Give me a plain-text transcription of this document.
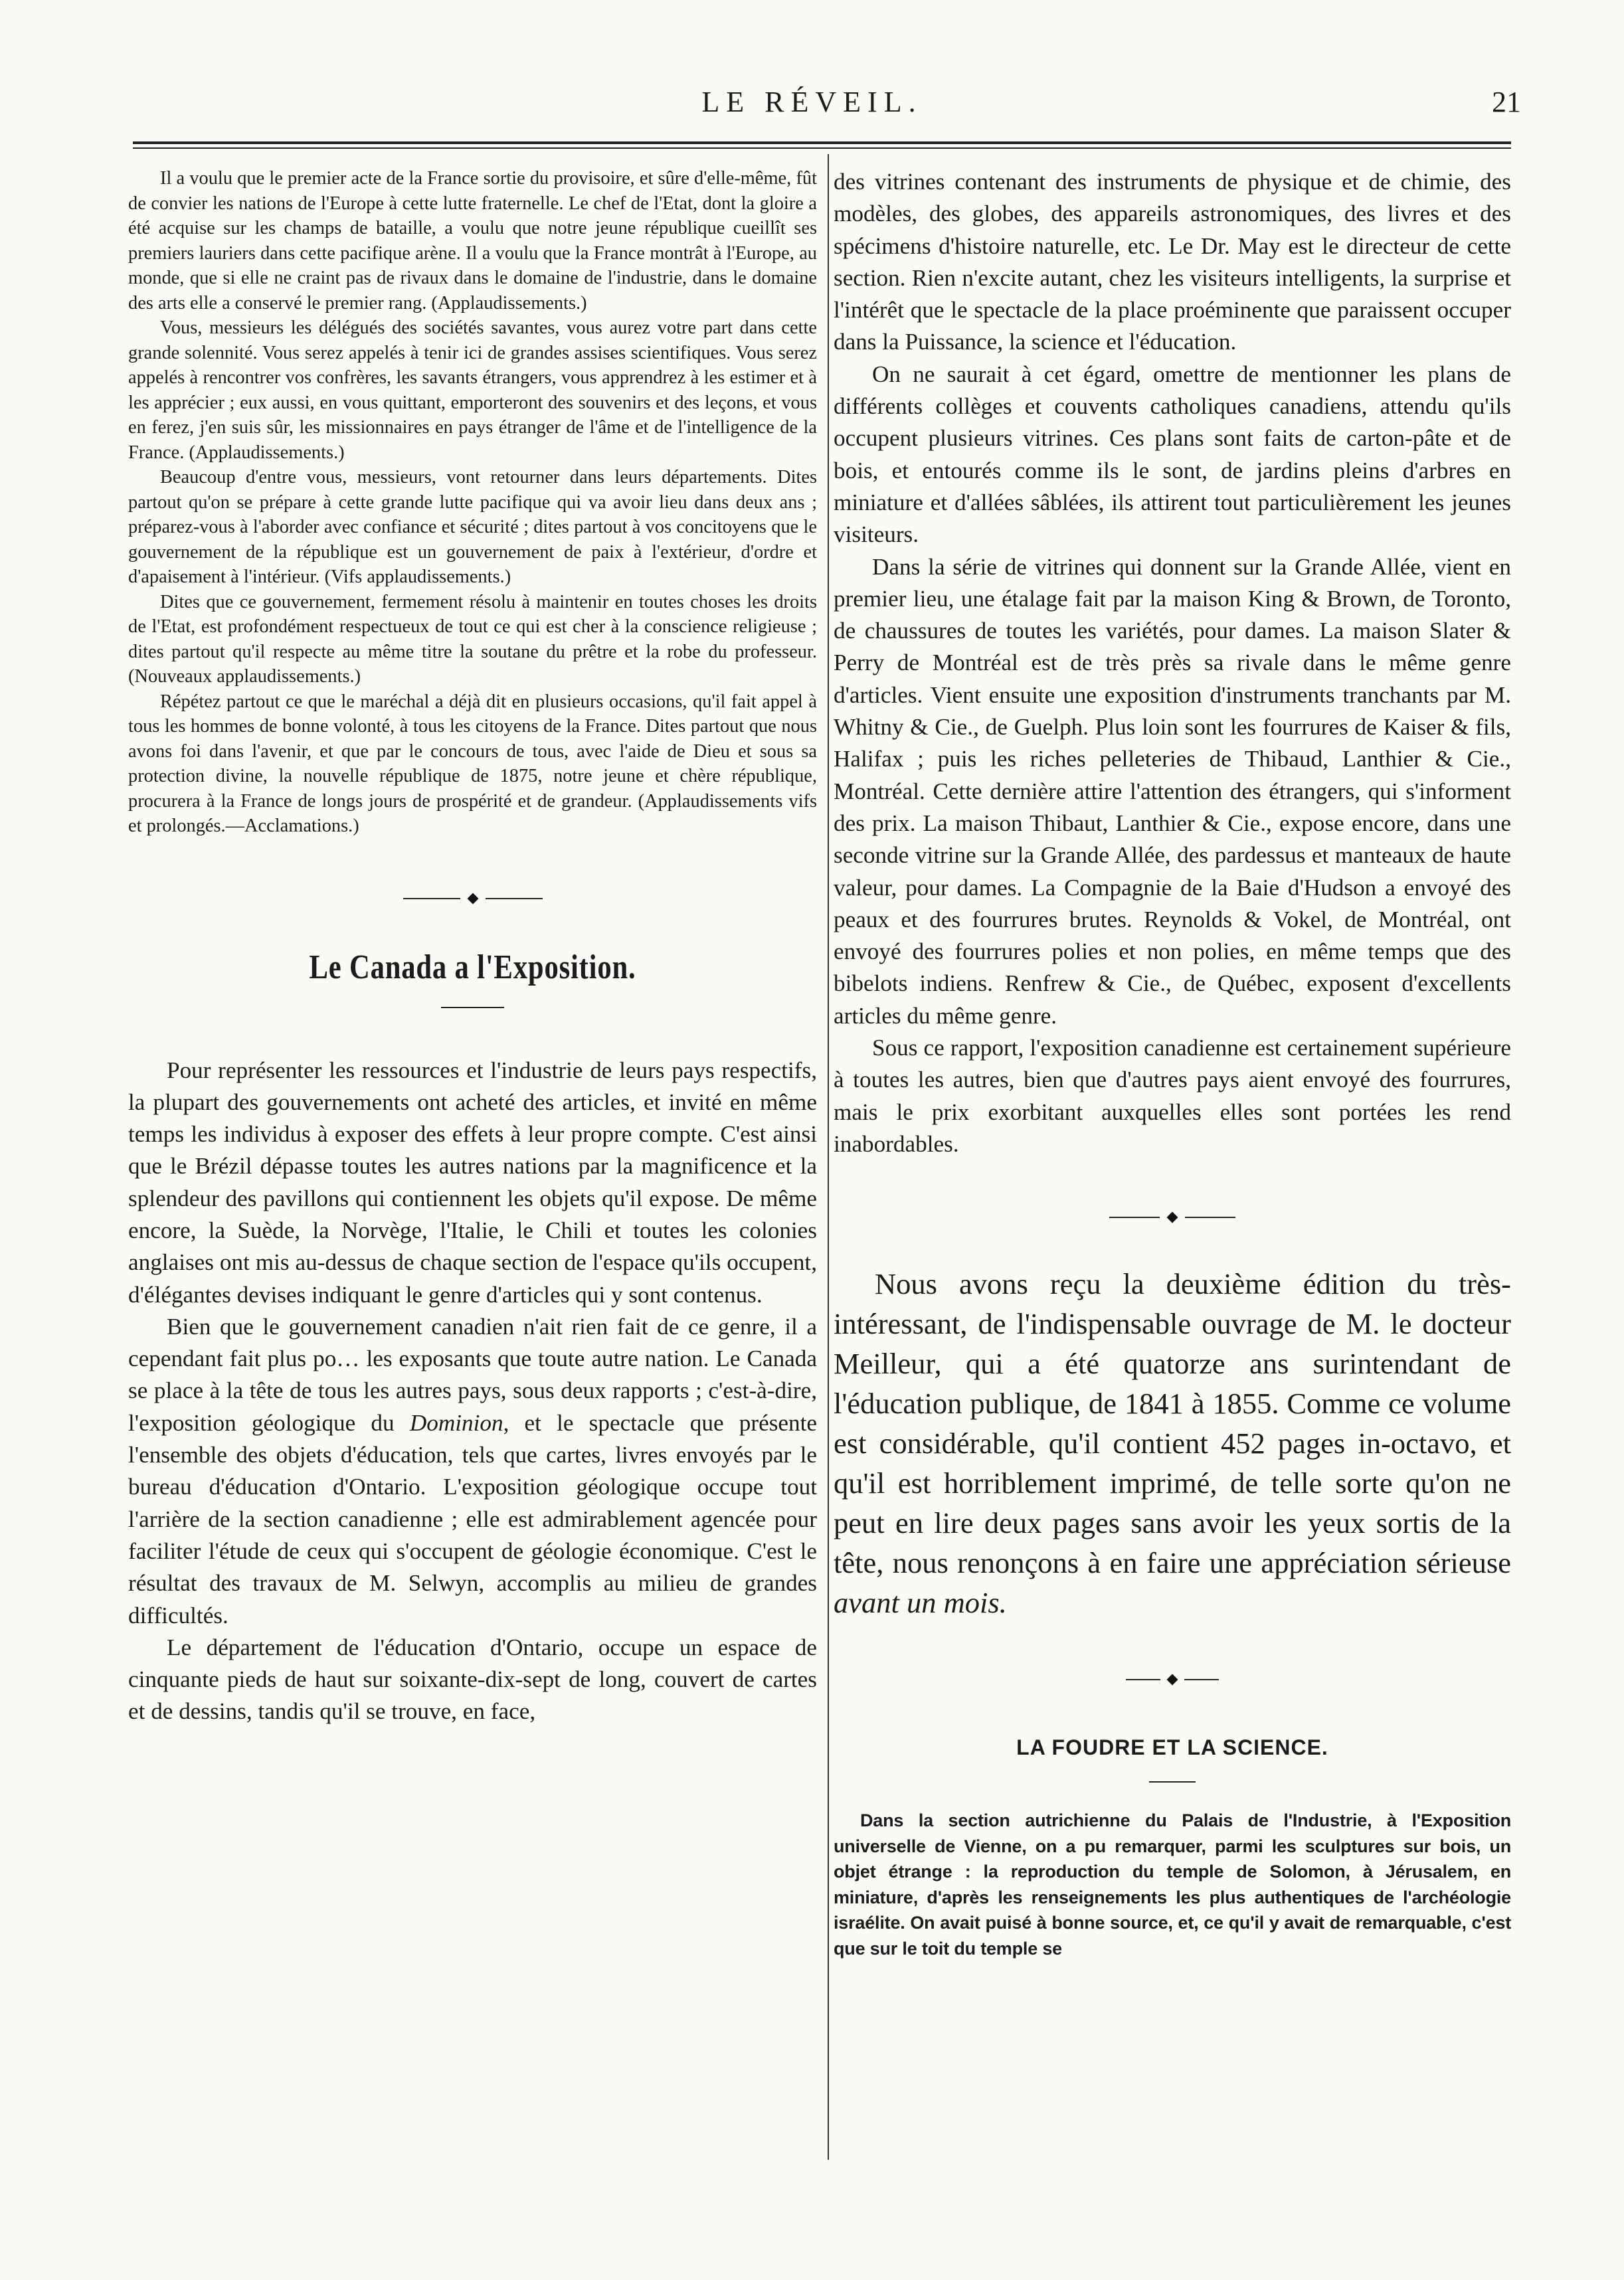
LE RÉVEIL.	21

Il a voulu que le premier acte de la France sortie du provisoire, et sûre d'elle-même, fût de convier les nations de l'Europe à cette lutte fraternelle. Le chef de l'Etat, dont la gloire a été acquise sur les champs de bataille, a voulu que notre jeune république cueillît ses premiers lauriers dans cette pacifique arène. Il a voulu que la France montrât à l'Europe, au monde, que si elle ne craint pas de rivaux dans le domaine de l'industrie, dans le domaine des arts elle a conservé le premier rang. (Applaudissements.)

Vous, messieurs les délégués des sociétés savantes, vous aurez votre part dans cette grande solennité. Vous serez appelés à tenir ici de grandes assises scientifiques. Vous serez appelés à rencontrer vos confrères, les savants étrangers, vous apprendrez à les estimer et à les apprécier ; eux aussi, en vous quittant, emporteront des souvenirs et des leçons, et vous en ferez, j'en suis sûr, les missionnaires en pays étranger de l'âme et de l'intelligence de la France. (Applaudissements.)

Beaucoup d'entre vous, messieurs, vont retourner dans leurs départements. Dites partout qu'on se prépare à cette grande lutte pacifique qui va avoir lieu dans deux ans ; préparez-vous à l'aborder avec confiance et sécurité ; dites partout à vos concitoyens que le gouvernement de la république est un gouvernement de paix à l'extérieur, d'ordre et d'apaisement à l'intérieur. (Vifs applaudissements.)

Dites que ce gouvernement, fermement résolu à maintenir en toutes choses les droits de l'Etat, est profondément respectueux de tout ce qui est cher à la conscience religieuse ; dites partout qu'il respecte au même titre la soutane du prêtre et la robe du professeur. (Nouveaux applaudissements.)

Répétez partout ce que le maréchal a déjà dit en plusieurs occasions, qu'il fait appel à tous les hommes de bonne volonté, à tous les citoyens de la France. Dites partout que nous avons foi dans l'avenir, et que par le concours de tous, avec l'aide de Dieu et sous sa protection divine, la nouvelle république de 1875, notre jeune et chère république, procurera à la France de longs jours de prospérité et de grandeur. (Applaudissements vifs et prolongés.—Acclamations.)

Le Canada a l'Exposition.

Pour représenter les ressources et l'industrie de leurs pays respectifs, la plupart des gouvernements ont acheté des articles, et invité en même temps les individus à exposer des effets à leur propre compte. C'est ainsi que le Brézil dépasse toutes les autres nations par la magnificence et la splendeur des pavillons qui contiennent les objets qu'il expose. De même encore, la Suède, la Norvège, l'Italie, le Chili et toutes les colonies anglaises ont mis au-dessus de chaque section de l'espace qu'ils occupent, d'élégantes devises indiquant le genre d'articles qui y sont contenus.

Bien que le gouvernement canadien n'ait rien fait de ce genre, il a cependant fait plus po… les exposants que toute autre nation. Le Canada se place à la tête de tous les autres pays, sous deux rapports ; c'est-à-dire, l'exposition géologique du Dominion, et le spectacle que présente l'ensemble des objets d'éducation, tels que cartes, livres envoyés par le bureau d'éducation d'Ontario. L'exposition géologique occupe tout l'arrière de la section canadienne ; elle est admirablement agencée pour faciliter l'étude de ceux qui s'occupent de géologie économique. C'est le résultat des travaux de M. Selwyn, accomplis au milieu de grandes difficultés.

Le département de l'éducation d'Ontario, occupe un espace de cinquante pieds de haut sur soixante-dix-sept de long, couvert de cartes et de dessins, tandis qu'il se trouve, en face,

des vitrines contenant des instruments de physique et de chimie, des modèles, des globes, des appareils astronomiques, des livres et des spécimens d'histoire naturelle, etc. Le Dr. May est le directeur de cette section. Rien n'excite autant, chez les visiteurs intelligents, la surprise et l'intérêt que le spectacle de la place proéminente que paraissent occuper dans la Puissance, la science et l'éducation.

On ne saurait à cet égard, omettre de mentionner les plans de différents collèges et couvents catholiques canadiens, attendu qu'ils occupent plusieurs vitrines. Ces plans sont faits de carton-pâte et de bois, et entourés comme ils le sont, de jardins pleins d'arbres en miniature et d'allées sâblées, ils attirent tout particulièrement les jeunes visiteurs.

Dans la série de vitrines qui donnent sur la Grande Allée, vient en premier lieu, une étalage fait par la maison King & Brown, de Toronto, de chaussures de toutes les variétés, pour dames. La maison Slater & Perry de Montréal est de très près sa rivale dans le même genre d'articles. Vient ensuite une exposition d'instruments tranchants par M. Whitny & Cie., de Guelph. Plus loin sont les fourrures de Kaiser & fils, Halifax ; puis les riches pelleteries de Thibaud, Lanthier & Cie., Montréal. Cette dernière attire l'attention des étrangers, qui s'informent des prix. La maison Thibaut, Lanthier & Cie., expose encore, dans une seconde vitrine sur la Grande Allée, des pardessus et manteaux de haute valeur, pour dames. La Compagnie de la Baie d'Hudson a envoyé des peaux et des fourrures brutes. Reynolds & Vokel, de Montréal, ont envoyé des fourrures polies et non polies, en même temps que des bibelots indiens. Renfrew & Cie., de Québec, exposent d'excellents articles du même genre.

Sous ce rapport, l'exposition canadienne est certainement supérieure à toutes les autres, bien que d'autres pays aient envoyé des fourrures, mais le prix exorbitant auxquelles elles sont portées les rend inabordables.

Nous avons reçu la deuxième édition du très-intéressant, de l'indispensable ouvrage de M. le docteur Meilleur, qui a été quatorze ans surintendant de l'éducation publique, de 1841 à 1855. Comme ce volume est considérable, qu'il contient 452 pages in-octavo, et qu'il est horriblement imprimé, de telle sorte qu'on ne peut en lire deux pages sans avoir les yeux sortis de la tête, nous renonçons à en faire une appréciation sérieuse avant un mois.

LA FOUDRE ET LA SCIENCE.

Dans la section autrichienne du Palais de l'Industrie, à l'Exposition universelle de Vienne, on a pu remarquer, parmi les sculptures sur bois, un objet étrange : la reproduction du temple de Solomon, à Jérusalem, en miniature, d'après les renseignements les plus authentiques de l'archéologie israélite. On avait puisé à bonne source, et, ce qu'il y avait de remarquable, c'est que sur le toit du temple se
